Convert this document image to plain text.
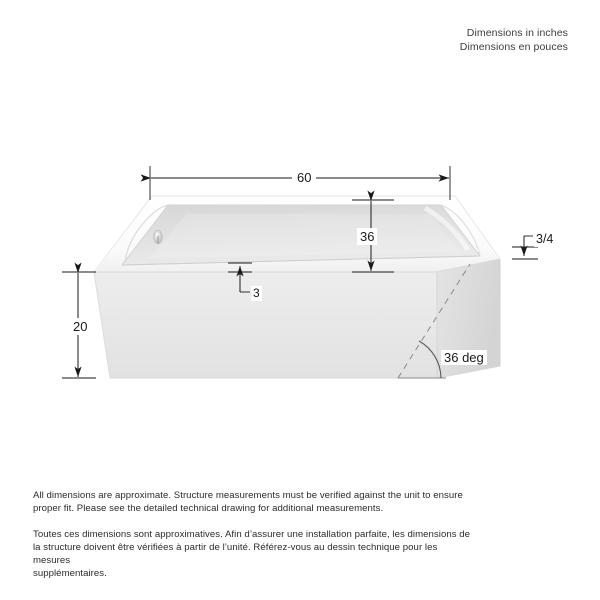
Dimensions in inches
Dimensions en pouces
60
36
20
3
3/4
36 deg

All dimensions are approximate. Structure measurements must be verified against the unit to ensure

proper fit. Please see the detailed technical drawing for additional measurements.

Toutes ces dimensions sont approximatives. Afin d’assurer une installation parfaite, les dimensions de

la structure doivent être vérifiées à partir de l’unité. Référez-vous au dessin technique pour les mesures

supplémentaires.
